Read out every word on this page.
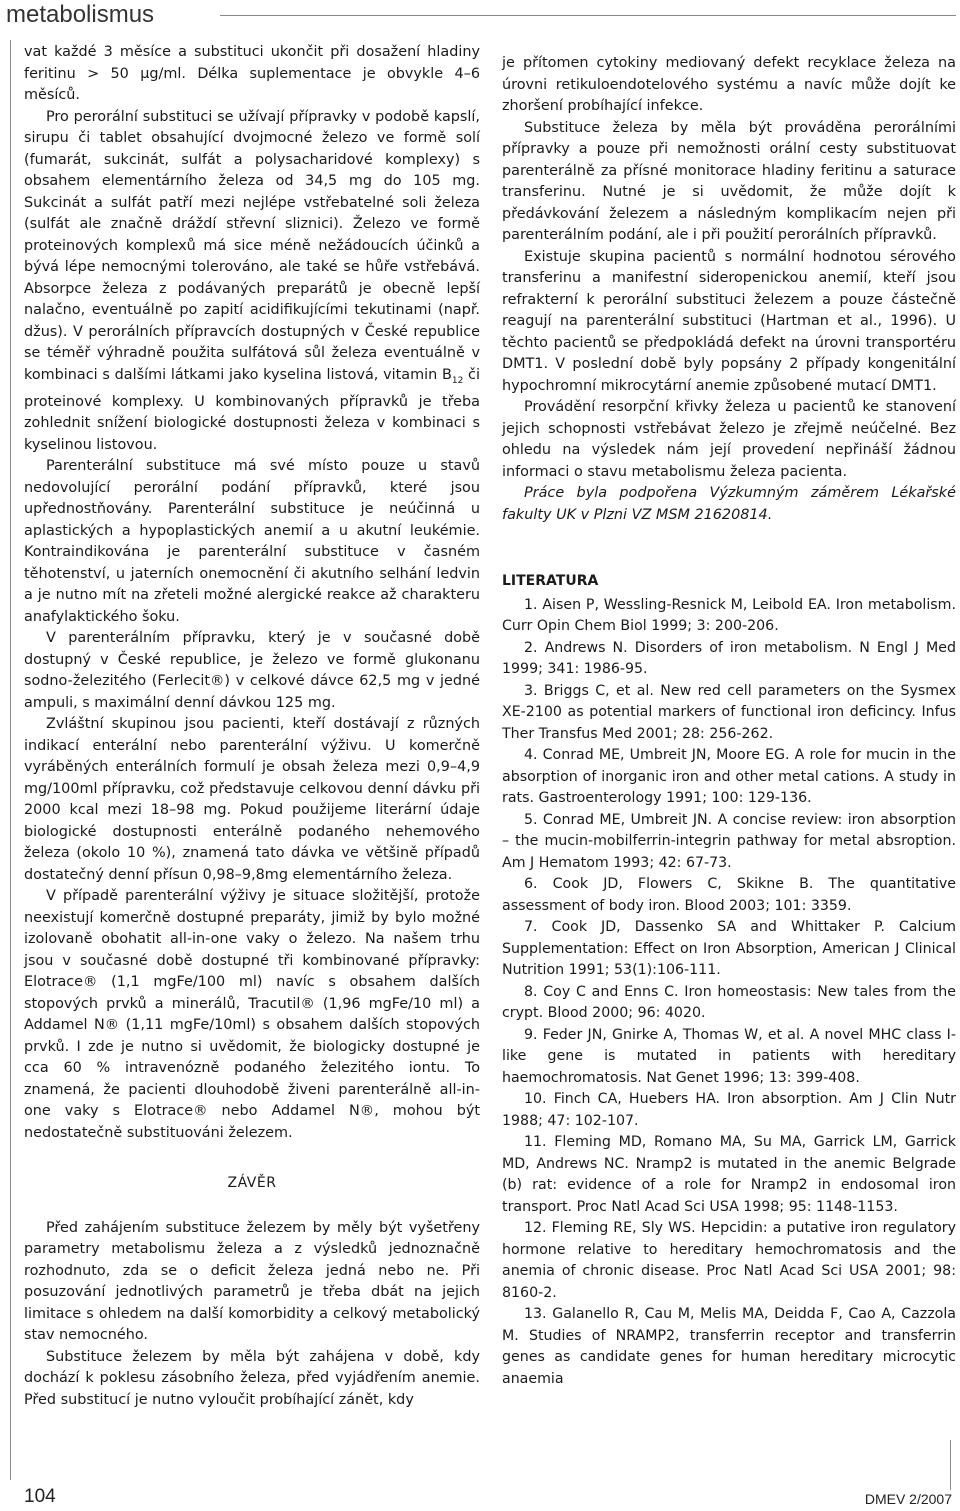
metabolismus

vat každé 3 měsíce a substituci ukončit při dosažení hladiny feritinu > 50 µg/ml. Délka suplementace je obvykle 4–6 měsíců.

Pro perorální substituci se užívají přípravky v podobě kapslí, sirupu či tablet obsahující dvojmocné železo ve formě solí (fumarát, sukcinát, sulfát a polysacharidové komplexy) s obsahem elementárního železa od 34,5 mg do 105 mg. Sukcinát a sulfát patří mezi nejlépe vstřebatelné soli železa (sulfát ale značně dráždí střevní sliznici). Železo ve formě proteinových komplexů má sice méně nežádoucích účinků a bývá lépe nemocnými tolerováno, ale také se hůře vstřebává. Absorpce železa z podávaných preparátů je obecně lepší nalačno, eventuálně po zapití acidifikujícími tekutinami (např. džus). V perorálních přípravcích dostupných v České republice se téměř výhradně použita sulfátová sůl železa eventuálně v kombinaci s dalšími látkami jako kyselina listová, vitamin $B_{12}$ či proteinové komplexy. U kombinovaných přípravků je třeba zohlednit snížení biologické dostupnosti železa v kombinaci s kyselinou listovou.

Parenterální substituce má své místo pouze u stavů nedovolující perorální podání přípravků, které jsou upřednostňovány. Parenterální substituce je neúčinná u aplastických a hypoplastických anemií a u akutní leukémie. Kontraindikována je parenterální substituce v časném těhotenství, u jaterních onemocnění či akutního selhání ledvin a je nutno mít na zřeteli možné alergické reakce až charakteru anafylaktického šoku.

V parenterálním přípravku, který je v současné době dostupný v České republice, je železo ve formě glukonanu sodno-železitého (Ferlecit®) v celkové dávce 62,5 mg v jedné ampuli, s maximální denní dávkou 125 mg.

Zvláštní skupinou jsou pacienti, kteří dostávají z různých indikací enterální nebo parenterální výživu. U komerčně vyráběných enterálních formulí je obsah železa mezi 0,9–4,9 mg/100ml přípravku, což představuje celkovou denní dávku při 2000 kcal mezi 18–98 mg. Pokud použijeme literární údaje biologické dostupnosti enterálně podaného nehemového železa (okolo 10 %), znamená tato dávka ve většině případů dostatečný denní přísun 0,98–9,8mg elementárního železa.

V případě parenterální výživy je situace složitější, protože neexistují komerčně dostupné preparáty, jimiž by bylo možné izolovaně obohatit all-in-one vaky o železo. Na našem trhu jsou v současné době dostupné tři kombinované přípravky: Elotrace® (1,1 mgFe/100 ml) navíc s obsahem dalších stopových prvků a minerálů, Tracutil® (1,96 mgFe/10 ml) a Addamel N® (1,11 mgFe/10ml) s obsahem dalších stopových prvků. I zde je nutno si uvědomit, že biologicky dostupné je cca 60 % intravenózně podaného železitého iontu. To znamená, že pacienti dlouhodobě živeni parenterálně all-in-one vaky s Elotrace® nebo Addamel N®, mohou být nedostatečně substituováni železem.

ZÁVĚR

Před zahájením substituce železem by měly být vyšetřeny parametry metabolismu železa a z výsledků jednoznačně rozhodnuto, zda se o deficit železa jedná nebo ne. Při posuzování jednotlivých parametrů je třeba dbát na jejich limitace s ohledem na další komorbidity a celkový metabolický stav nemocného.

Substituce železem by měla být zahájena v době, kdy dochází k poklesu zásobního železa, před vyjádřením anemie. Před substitucí je nutno vyloučit probíhající zánět, kdy

je přítomen cytokiny mediovaný defekt recyklace železa na úrovni retikuloendotelového systému a navíc může dojít ke zhoršení probíhající infekce.

Substituce železa by měla být prováděna perorálními přípravky a pouze při nemožnosti orální cesty substituovat parenterálně za přísné monitorace hladiny feritinu a saturace transferinu. Nutné je si uvědomit, že může dojít k předávkování železem a následným komplikacím nejen při parenterálním podání, ale i při použití perorálních přípravků.

Existuje skupina pacientů s normální hodnotou sérového transferinu a manifestní sideropenickou anemií, kteří jsou refrakterní k perorální substituci železem a pouze částečně reagují na parenterální substituci (Hartman et al., 1996). U těchto pacientů se předpokládá defekt na úrovni transportéru DMT1. V poslední době byly popsány 2 případy kongenitální hypochromní mikrocytární anemie způsobené mutací DMT1.

Provádění resorpční křivky železa u pacientů ke stanovení jejich schopnosti vstřebávat železo je zřejmě neúčelné. Bez ohledu na výsledek nám její provedení nepřináší žádnou informaci o stavu metabolismu železa pacienta.

Práce byla podpořena Výzkumným záměrem Lékařské fakulty UK v Plzni VZ MSM 21620814.

LITERATURA

1. Aisen P, Wessling-Resnick M, Leibold EA. Iron metabolism. Curr Opin Chem Biol 1999; 3: 200-206.

2. Andrews N. Disorders of iron metabolism. N Engl J Med 1999; 341: 1986-95.

3. Briggs C, et al. New red cell parameters on the Sysmex XE-2100 as potential markers of functional iron deficincy. Infus Ther Transfus Med 2001; 28: 256-262.

4. Conrad ME, Umbreit JN, Moore EG. A role for mucin in the absorption of inorganic iron and other metal cations. A study in rats. Gastroenterology 1991; 100: 129-136.

5. Conrad ME, Umbreit JN. A concise review: iron absorption – the mucin-mobilferrin-integrin pathway for metal absroption. Am J Hematom 1993; 42: 67-73.

6. Cook JD, Flowers C, Skikne B. The quantitative assessment of body iron. Blood 2003; 101: 3359.

7. Cook JD, Dassenko SA and Whittaker P. Calcium Supplementation: Effect on Iron Absorption, American J Clinical Nutrition 1991; 53(1):106-111.

8. Coy C and Enns C. Iron homeostasis: New tales from the crypt. Blood 2000; 96: 4020.

9. Feder JN, Gnirke A, Thomas W, et al. A novel MHC class I-like gene is mutated in patients with hereditary haemochromatosis. Nat Genet 1996; 13: 399-408.

10. Finch CA, Huebers HA. Iron absorption. Am J Clin Nutr 1988; 47: 102-107.

11. Fleming MD, Romano MA, Su MA, Garrick LM, Garrick MD, Andrews NC. Nramp2 is mutated in the anemic Belgrade (b) rat: evidence of a role for Nramp2 in endosomal iron transport. Proc Natl Acad Sci USA 1998; 95: 1148-1153.

12. Fleming RE, Sly WS. Hepcidin: a putative iron regulatory hormone relative to hereditary hemochromatosis and the anemia of chronic disease. Proc Natl Acad Sci USA 2001; 98: 8160-2.

13. Galanello R, Cau M, Melis MA, Deidda F, Cao A, Cazzola M. Studies of NRAMP2, transferrin receptor and transferrin genes as candidate genes for human hereditary microcytic anaemia

104	DMEV 2/2007
